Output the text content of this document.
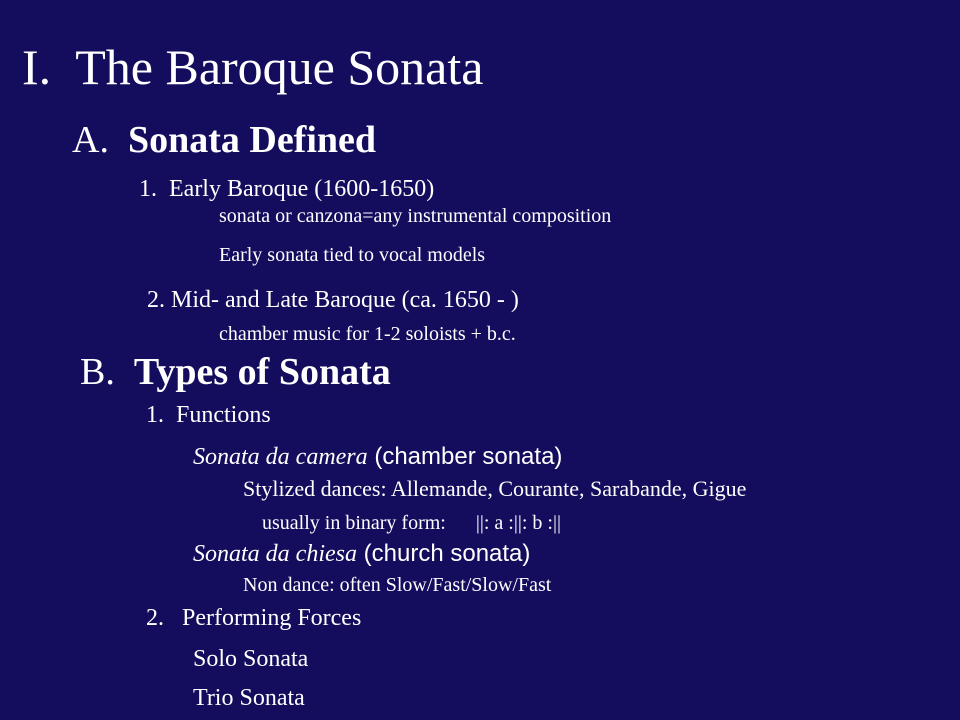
I.  The Baroque Sonata
A. Sonata Defined
1.  Early Baroque (1600-1650)
sonata or canzona=any instrumental composition
Early sonata tied to vocal models
2. Mid- and Late Baroque (ca. 1650 - )
chamber music for 1-2 soloists + b.c.
B. Types of Sonata
1.  Functions
Sonata da camera (chamber sonata)
Stylized dances: Allemande, Courante, Sarabande, Gigue
usually in binary form:      ||: a :||: b :||
Sonata da chiesa (church sonata)
Non dance: often Slow/Fast/Slow/Fast
2.   Performing Forces
Solo Sonata
Trio Sonata
